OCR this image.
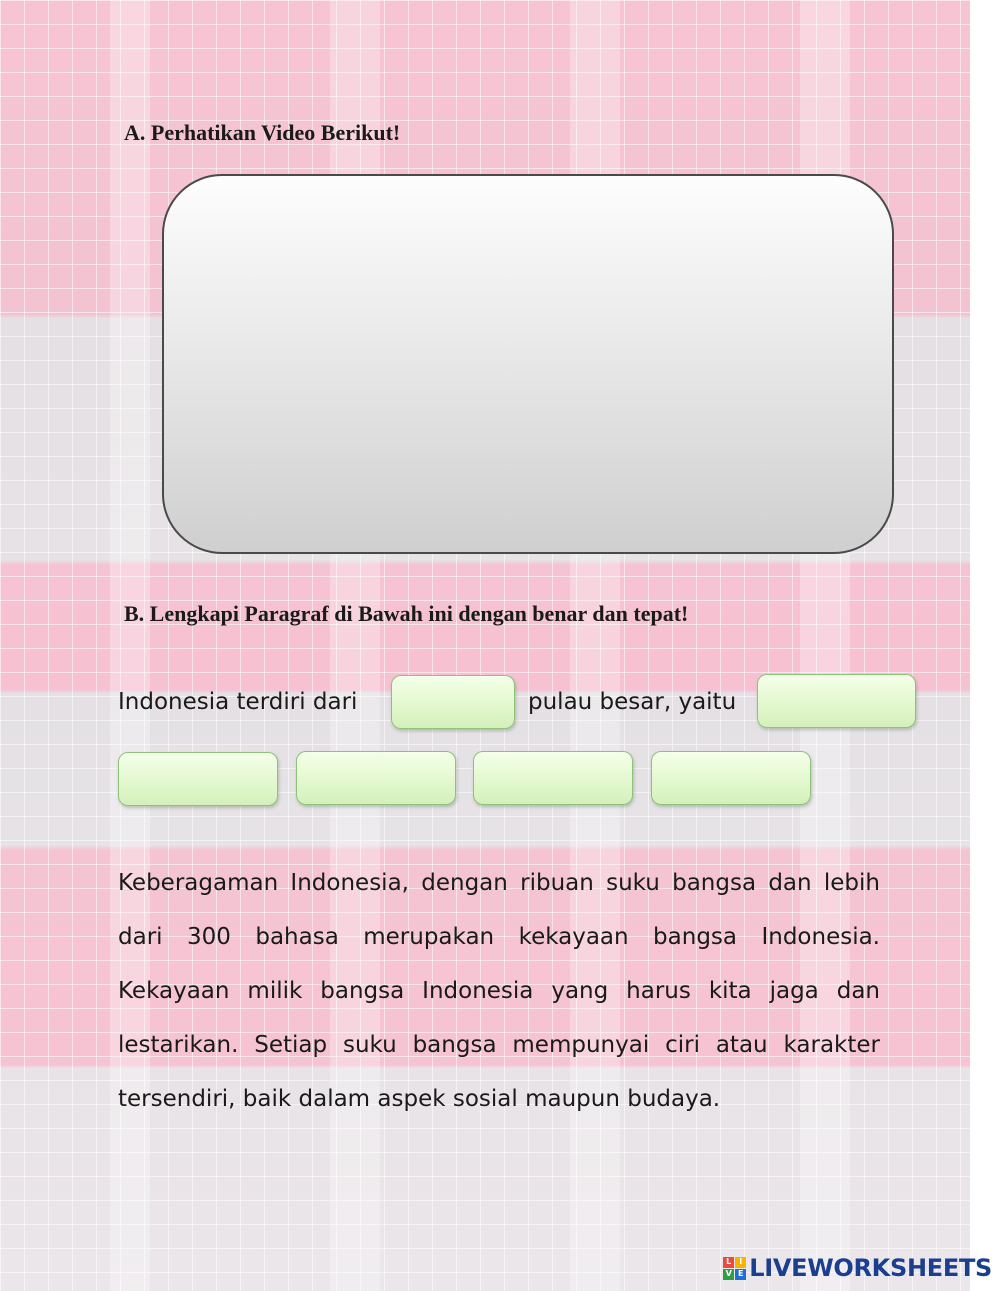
A. Perhatikan Video Berikut!
B. Lengkapi Paragraf di Bawah ini dengan benar dan tepat!
Indonesia terdiri dari	pulau besar, yaitu

Keberagaman Indonesia, dengan ribuan suku bangsa dan lebih dari 300 bahasa merupakan kekayaan bangsa Indonesia. Kekayaan milik bangsa Indonesia yang harus kita jaga dan lestarikan. Setiap suku bangsa mempunyai ciri atau karakter tersendiri, baik dalam aspek sosial maupun budaya.

L I
V E LIVEWORKSHEETS
